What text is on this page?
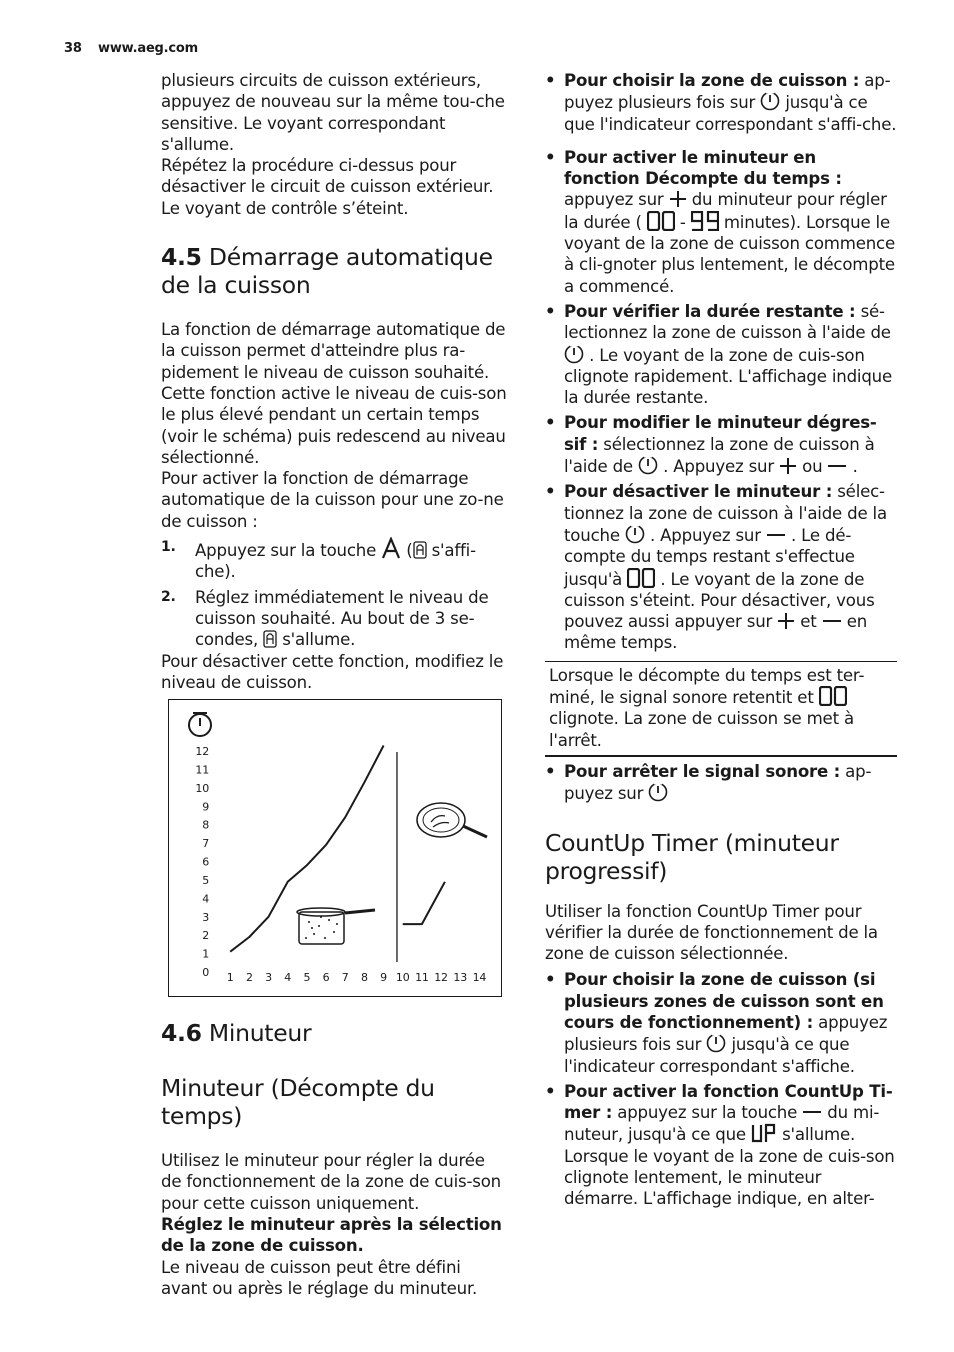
38 www.aeg.com

plusieurs circuits de cuisson extérieurs, appuyez de nouveau sur la même tou-che sensitive. Le voyant correspondant s'allume.

Répétez la procédure ci-dessus pour désactiver le circuit de cuisson extérieur. Le voyant de contrôle s’éteint.

4.5 Démarrage automatique de la cuisson

La fonction de démarrage automatique de la cuisson permet d'atteindre plus ra-pidement le niveau de cuisson souhaité. Cette fonction active le niveau de cuis-son le plus élevé pendant un certain temps (voir le schéma) puis redescend au niveau sélectionné.

Pour activer la fonction de démarrage automatique de la cuisson pour une zo-ne de cuisson :

1. Appuyez sur la touche  ( s'affi-che).
2. Réglez immédiatement le niveau de cuisson souhaité. Au bout de 3 se-condes, s'allume.

Pour désactiver cette fonction, modifiez le niveau de cuisson.

0
1
2
3
4
5
6
7
8
9
10
11
12
1 2 3 4 5 6 7 8 9 10 11 12 13 14
4.6 Minuteur
Minuteur (Décompte du temps)

Utilisez le minuteur pour régler la durée de fonctionnement de la zone de cuis-son pour cette cuisson uniquement.

Réglez le minuteur après la sélection de la zone de cuisson.

Le niveau de cuisson peut être défini avant ou après le réglage du minuteur.

• Pour choisir la zone de cuisson : ap-puyez plusieurs fois sur jusqu'à ce que l'indicateur correspondant s'affi-che.
• Pour activer le minuteur en fonction Décompte du temps : appuyez sur du minuteur pour régler la durée ( - minutes). Lorsque le voyant de la zone de cuisson commence à cli-gnoter plus lentement, le décompte a commencé.
• Pour vérifier la durée restante : sé-lectionnez la zone de cuisson à l'aide de  . Le voyant de la zone de cuis-son clignote rapidement. L'affichage indique la durée restante.
• Pour modifier le minuteur dégres-sif : sélectionnez la zone de cuisson à l'aide de . Appuyez sur ou .
• Pour désactiver le minuteur : sélec-tionnez la zone de cuisson à l'aide de la touche . Appuyez sur . Le dé-compte du temps restant s'effectue jusqu'à . Le voyant de la zone de cuisson s'éteint. Pour désactiver, vous pouvez aussi appuyer sur et en même temps.
Lorsque le décompte du temps est ter-miné, le signal sonore retentit et  clignote. La zone de cuisson se met à l'arrêt.
• Pour arrêter le signal sonore : ap-puyez sur
CountUp Timer (minuteur progressif)

Utiliser la fonction CountUp Timer pour vérifier la durée de fonctionnement de la zone de cuisson sélectionnée.

• Pour choisir la zone de cuisson (si plusieurs zones de cuisson sont en cours de fonctionnement) : appuyez plusieurs fois sur jusqu'à ce que l'indicateur correspondant s'affiche.
• Pour activer la fonction CountUp Ti-mer : appuyez sur la touche du mi-nuteur, jusqu'à ce que s'allume. Lorsque le voyant de la zone de cuis-son clignote lentement, le minuteur démarre. L'affichage indique, en alter-
